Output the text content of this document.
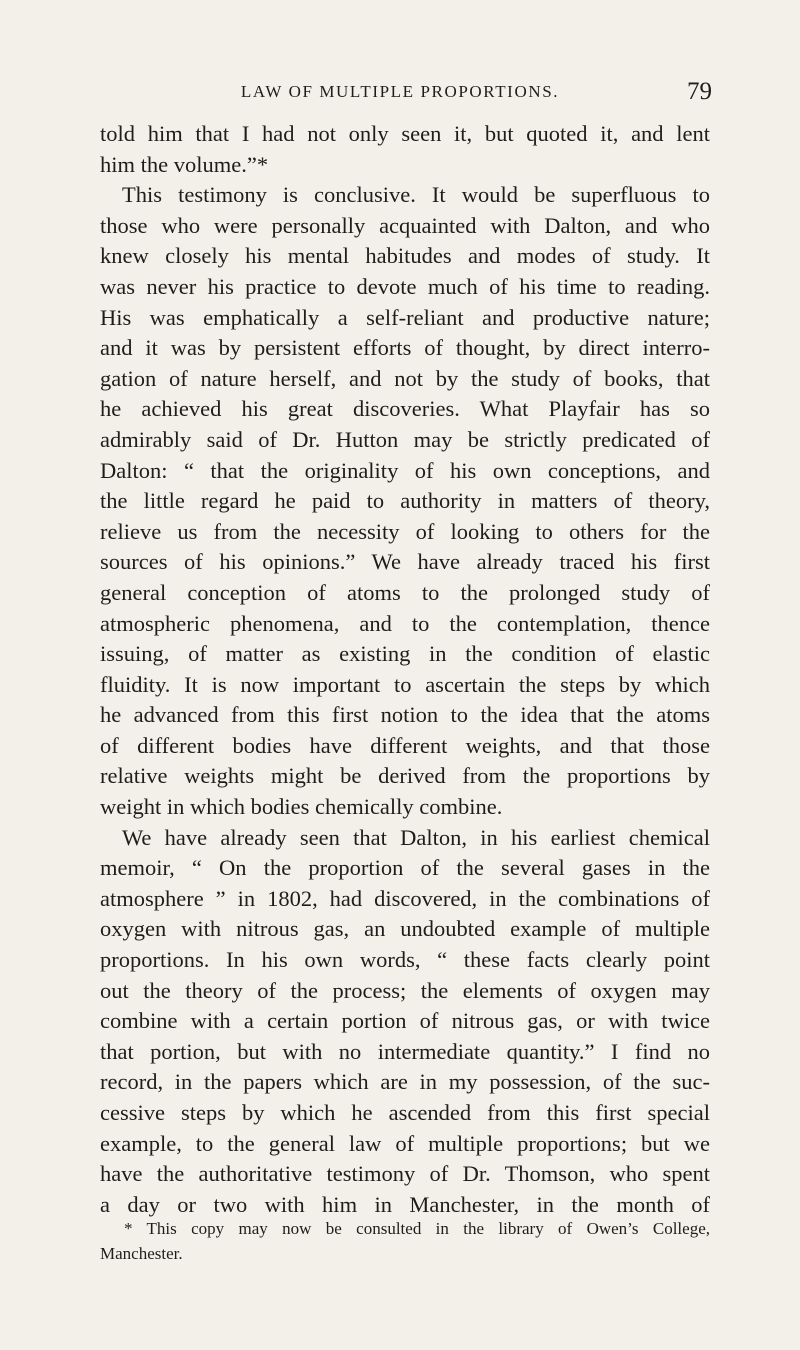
LAW OF MULTIPLE PROPORTIONS.	79
told him that I had not only seen it, but quoted it, and lent
him the volume.”*
This testimony is conclusive. It would be superfluous to
those who were personally acquainted with Dalton, and who
knew closely his mental habitudes and modes of study. It
was never his practice to devote much of his time to reading.
His was emphatically a self-reliant and productive nature;
and it was by persistent efforts of thought, by direct interro-
gation of nature herself, and not by the study of books, that
he achieved his great discoveries. What Playfair has so
admirably said of Dr. Hutton may be strictly predicated of
Dalton: “ that the originality of his own conceptions, and
the little regard he paid to authority in matters of theory,
relieve us from the necessity of looking to others for the
sources of his opinions.” We have already traced his first
general conception of atoms to the prolonged study of
atmospheric phenomena, and to the contemplation, thence
issuing, of matter as existing in the condition of elastic
fluidity. It is now important to ascertain the steps by which
he advanced from this first notion to the idea that the atoms
of different bodies have different weights, and that those
relative weights might be derived from the proportions by
weight in which bodies chemically combine.
We have already seen that Dalton, in his earliest chemical
memoir, “ On the proportion of the several gases in the
atmosphere ” in 1802, had discovered, in the combinations of
oxygen with nitrous gas, an undoubted example of multiple
proportions. In his own words, “ these facts clearly point
out the theory of the process; the elements of oxygen may
combine with a certain portion of nitrous gas, or with twice
that portion, but with no intermediate quantity.” I find no
record, in the papers which are in my possession, of the suc-
cessive steps by which he ascended from this first special
example, to the general law of multiple proportions; but we
have the authoritative testimony of Dr. Thomson, who spent
a day or two with him in Manchester, in the month of
* This copy may now be consulted in the library of Owen’s College,
Manchester.
